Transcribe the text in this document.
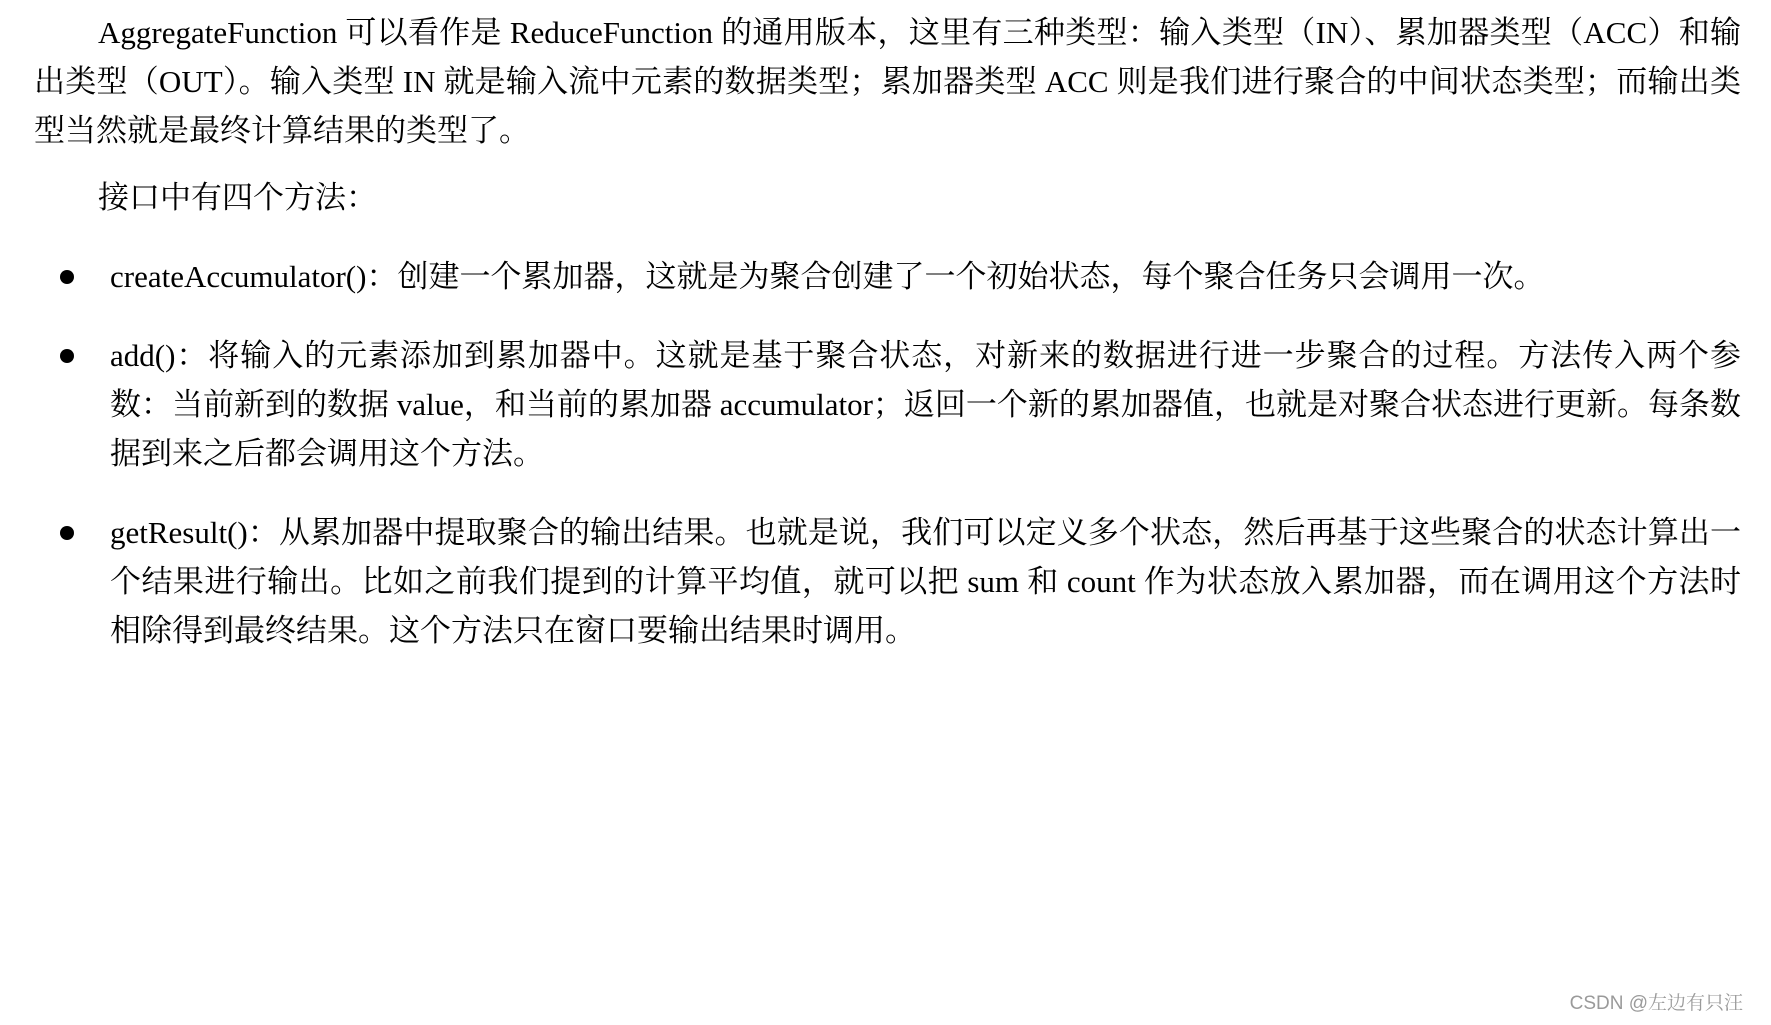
AggregateFunction 可以看作是 ReduceFunction 的通用版本，这里有三种类型：输入类型（IN）、累加器类型（ACC）和输出类型（OUT）。输入类型 IN 就是输入流中元素的数据类型；累加器类型 ACC 则是我们进行聚合的中间状态类型；而输出类型当然就是最终计算结果的类型了。

接口中有四个方法：

createAccumulator()：创建一个累加器，这就是为聚合创建了一个初始状态，每个聚合任务只会调用一次。
add()：将输入的元素添加到累加器中。这就是基于聚合状态，对新来的数据进行进一步聚合的过程。方法传入两个参数：当前新到的数据 value，和当前的累加器 accumulator；返回一个新的累加器值，也就是对聚合状态进行更新。每条数据到来之后都会调用这个方法。
getResult()：从累加器中提取聚合的输出结果。也就是说，我们可以定义多个状态，然后再基于这些聚合的状态计算出一个结果进行输出。比如之前我们提到的计算平均值，就可以把 sum 和 count 作为状态放入累加器，而在调用这个方法时相除得到最终结果。这个方法只在窗口要输出结果时调用。
CSDN @左边有只汪
